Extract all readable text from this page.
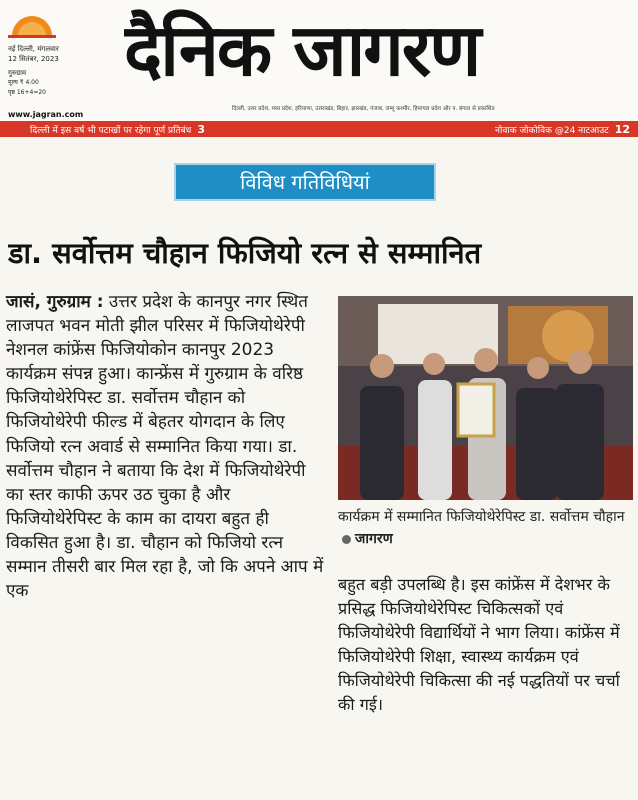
नई दिल्ली, मंगलवार
12 सितंबर, 2023
गुरुग्राम
मूल्य ₹ 4.00
पृष्ठ 16+4=20
दैनिक जागरण
दिल्ली, उत्तर प्रदेश, मध्य प्रदेश, हरियाणा, उत्तराखंड, बिहार, झारखंड, पंजाब, जम्मू कश्मीर, हिमाचल प्रदेश और प. बंगाल से प्रकाशित
www.jagran.com
दिल्ली में इस वर्ष भी पटाखों पर रहेगा पूर्ण प्रतिबंध 3	नोवाक जोकोविक @24 नाटआउट 12
विविध गतिविधियां
डा. सर्वोत्तम चौहान फिजियो रत्न से सम्मानित

जासं, गुरुग्राम : उत्तर प्रदेश के कानपुर नगर स्थित लाजपत भवन मोती झील परिसर में फिजियोथेरेपी नेशनल कांफ्रेंस फिजियोकोन कानपुर 2023 कार्यक्रम संपन्न हुआ। कान्फ्रेंस में गुरुग्राम के वरिष्ठ फिजियोथेरेपिस्ट डा. सर्वोत्तम चौहान को फिजियोथेरेपी फील्ड में बेहतर योगदान के लिए फिजियो रत्न अवार्ड से सम्मानित किया गया। डा. सर्वोत्तम चौहान ने बताया कि देश में फिजियोथेरेपी का स्तर काफी ऊपर उठ चुका है और फिजियोथेरेपिस्ट के काम का दायरा बहुत ही विकसित हुआ है। डा. चौहान को फिजियो रत्न सम्मान तीसरी बार मिल रहा है, जो कि अपने आप में एक

कार्यक्रम में सम्मानित फिजियोथेरेपिस्ट डा. सर्वोत्तम चौहानजागरण

बहुत बड़ी उपलब्धि है। इस कांफ्रेंस में देशभर के प्रसिद्ध फिजियोथेरेपिस्ट चिकित्सकों एवं फिजियोथेरेपी विद्यार्थियों ने भाग लिया। कांफ्रेंस में फिजियोथेरेपी शिक्षा, स्वास्थ्य कार्यक्रम एवं फिजियोथेरेपी चिकित्सा की नई पद्धतियों पर चर्चा की गई।
